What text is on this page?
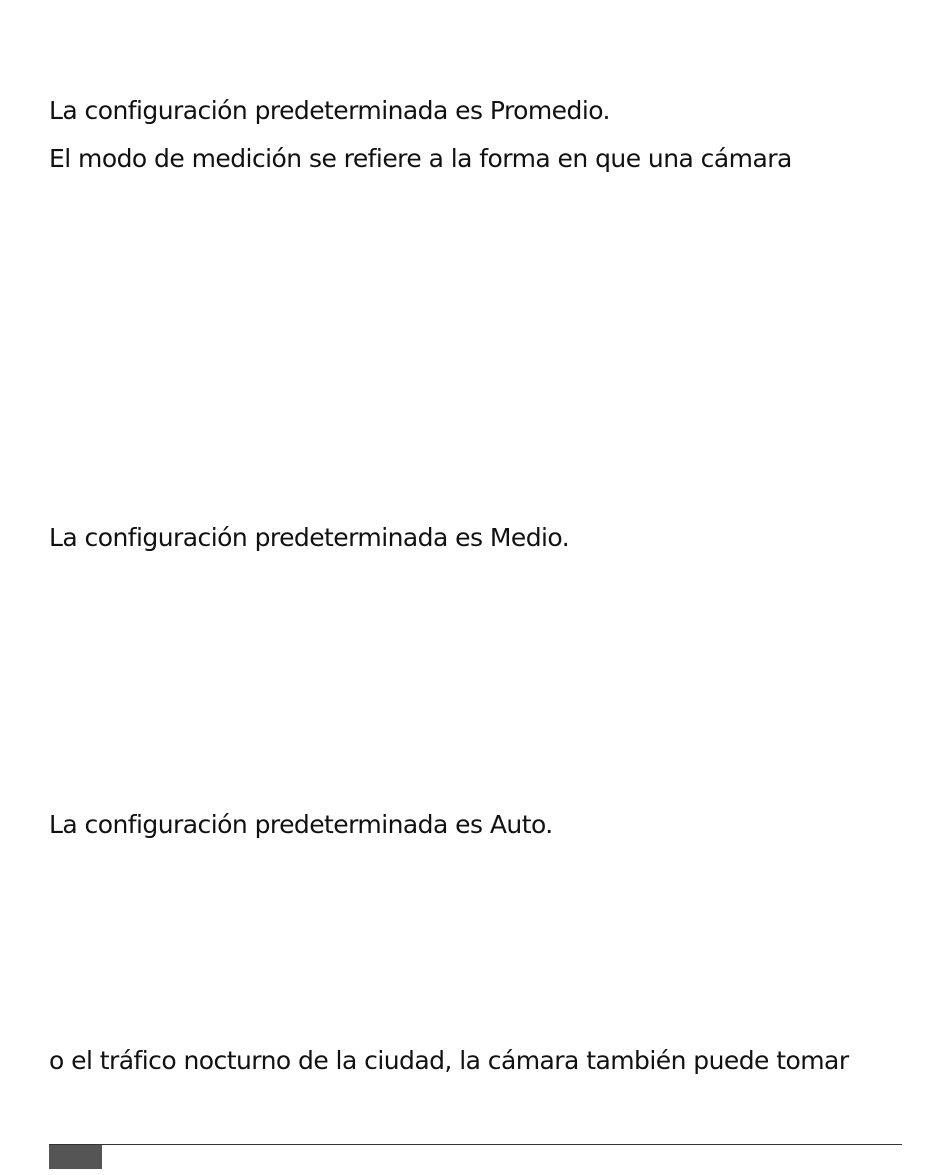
La configuración predeterminada es Promedio.
El modo de medición se refiere a la forma en que una cámara
La configuración predeterminada es Medio.
La configuración predeterminada es Auto.
o el tráfico nocturno de la ciudad, la cámara también puede tomar
